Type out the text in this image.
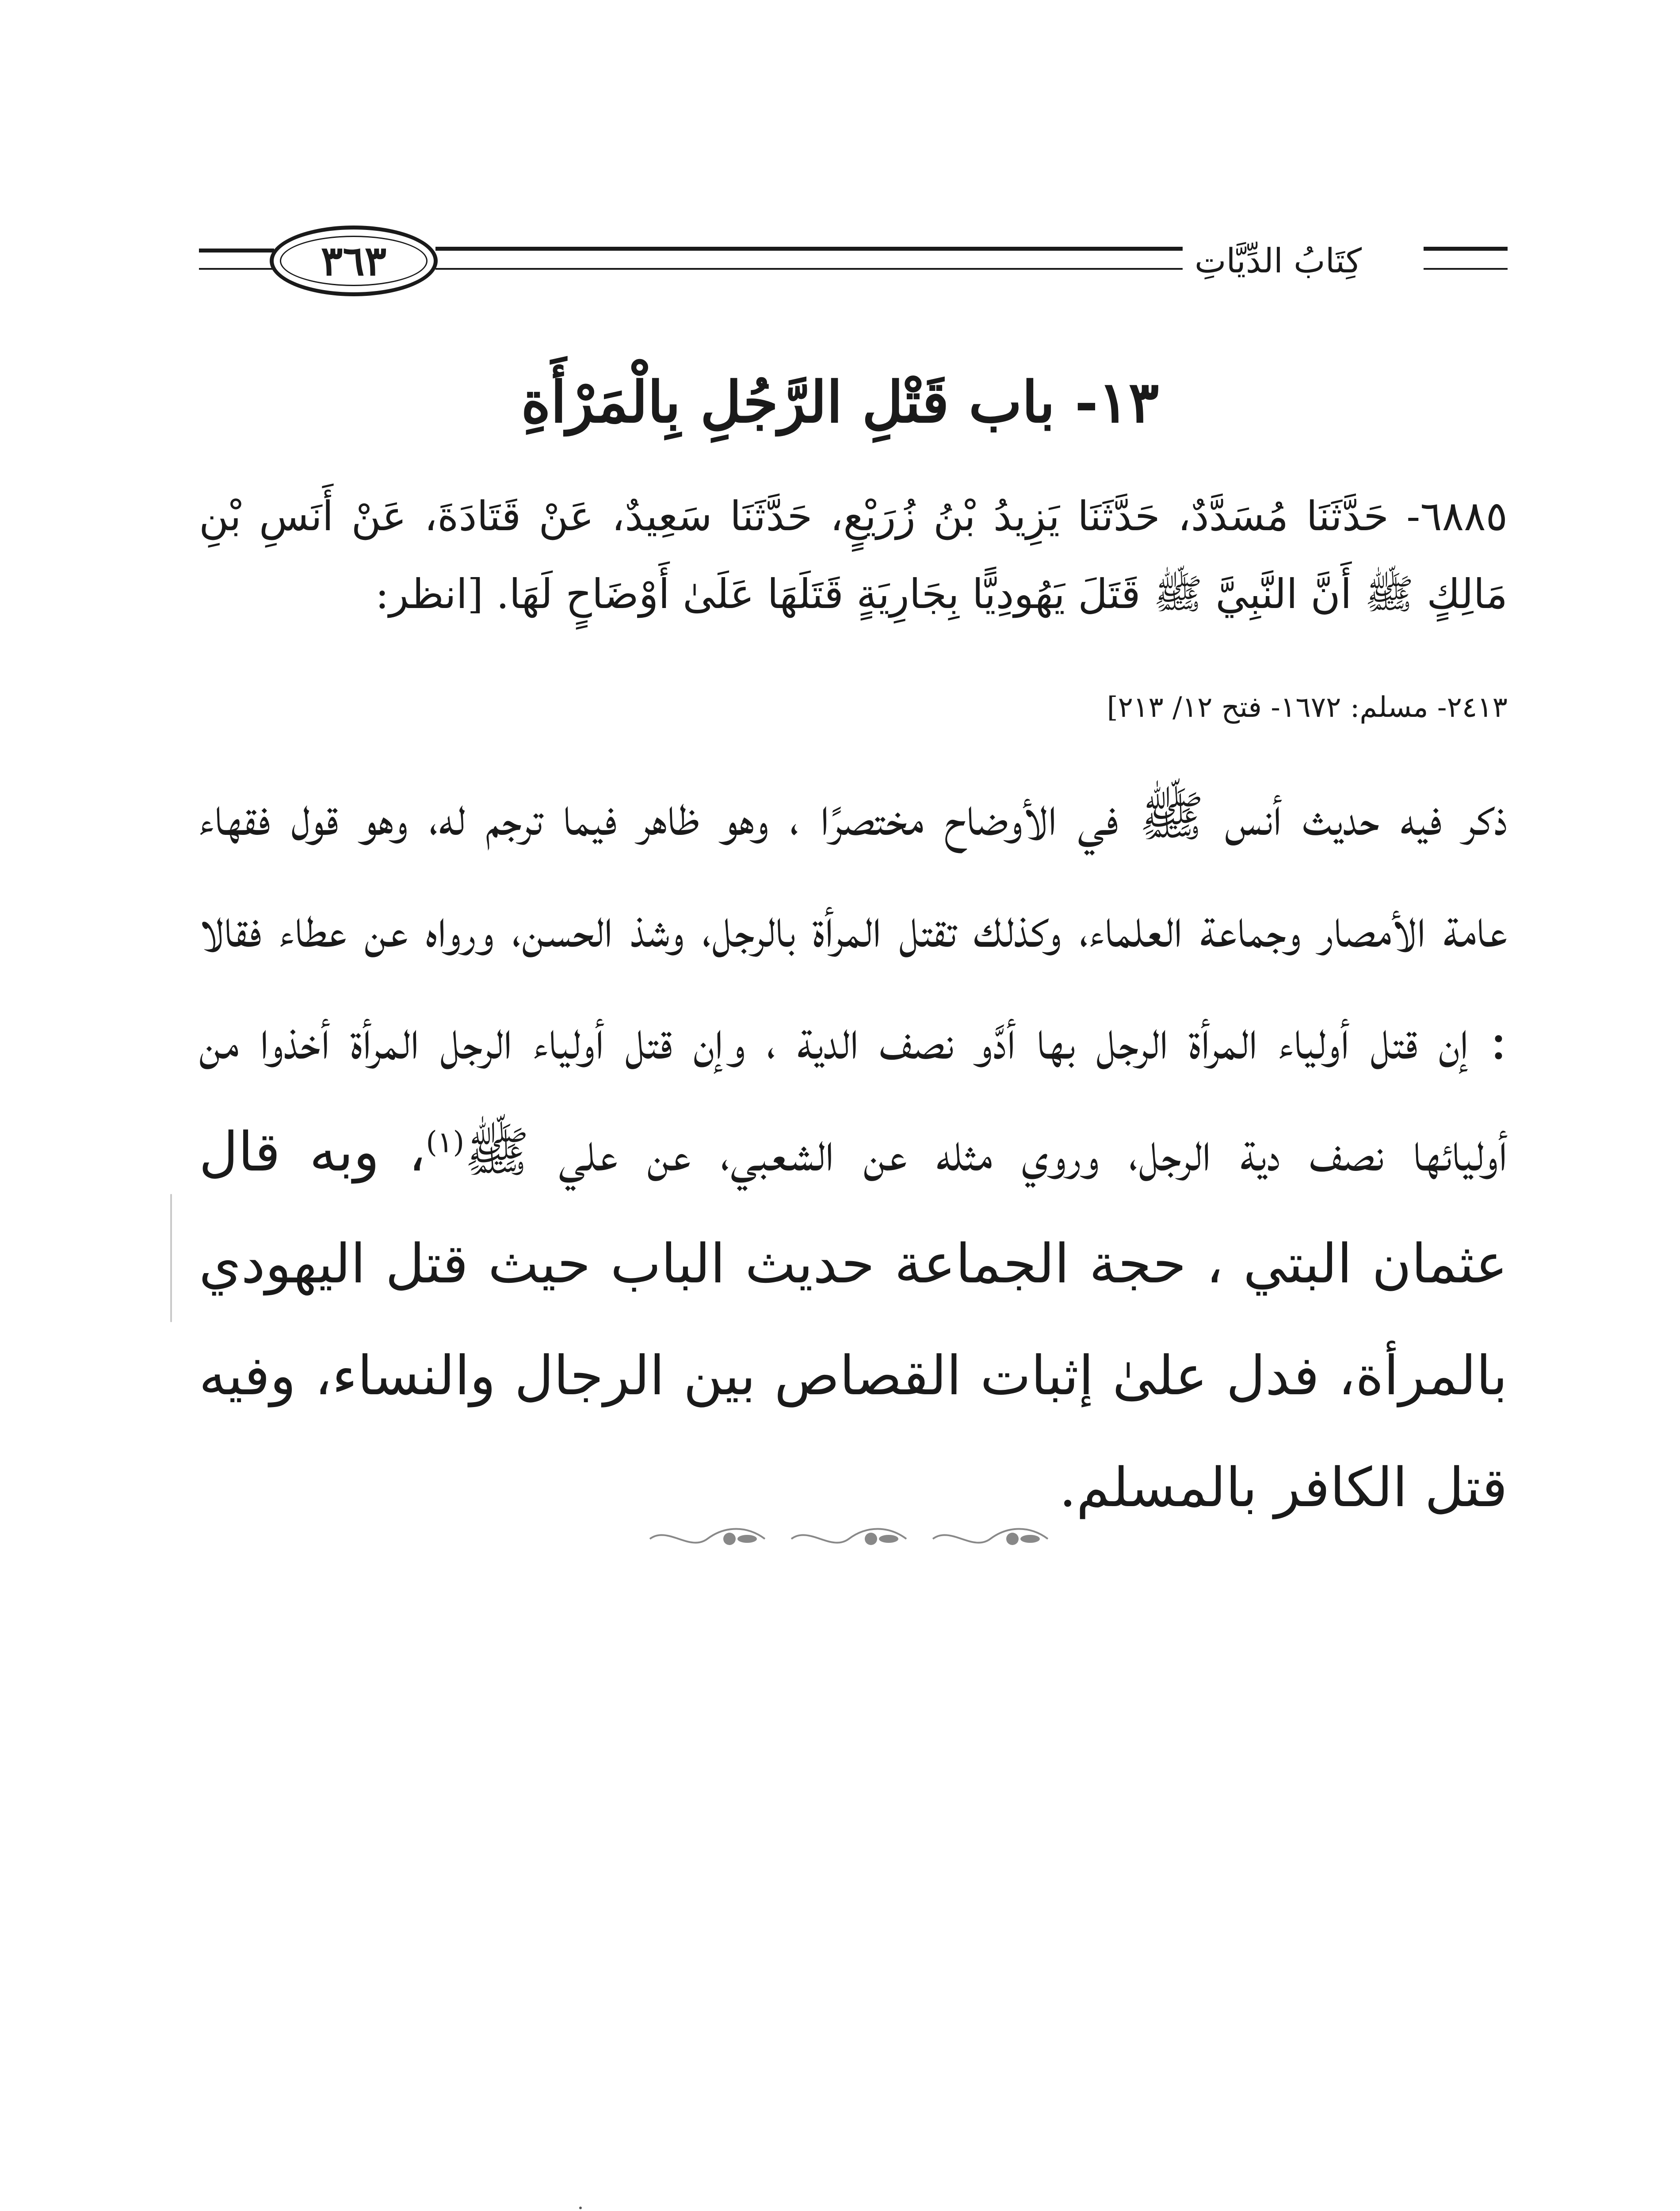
٣٦٣	كِتَابُ الدِّيَّاتِ
١٣- باب قَتْلِ الرَّجُلِ بِالْمَرْأَةِ
٦٨٨٥- حَدَّثَنَا مُسَدَّدٌ، حَدَّثَنَا يَزِيدُ بْنُ زُرَيْعٍ، حَدَّثَنَا سَعِيدٌ، عَنْ قَتَادَةَ، عَنْ أَنَسِ بْنِ مَالِكٍ ﷺ أَنَّ النَّبِيَّ ﷺ قَتَلَ يَهُودِيًّا بِجَارِيَةٍ قَتَلَهَا عَلَىٰ أَوْضَاحٍ لَهَا. [انظر:
٢٤١٣- مسلم: ١٦٧٢- فتح ١٢/ ٢١٣]
ذكر فيه حديث أنس ﷺ في الأوضاح مختصرًا ، وهو ظاهر فيما ترجم له، وهو قول فقهاء عامة الأمصار وجماعة العلماء، وكذلك تقتل المرأة بالرجل، وشذ الحسن، ورواه عن عطاء فقالا : إن قتل أولياء المرأة الرجل بها أدَّو نصف الدية ، وإن قتل أولياء الرجل المرأة أخذوا من أوليائها نصف دية الرجل، وروي مثله عن الشعبي، عن علي ﷺ$^{(١)}$، وبه قال عثمان البتي ، حجة الجماعة حديث الباب حيث قتل اليهودي بالمرأة، فدل علىٰ إثبات القصاص بين الرجال والنساء، وفيه قتل الكافر بالمسلم.
